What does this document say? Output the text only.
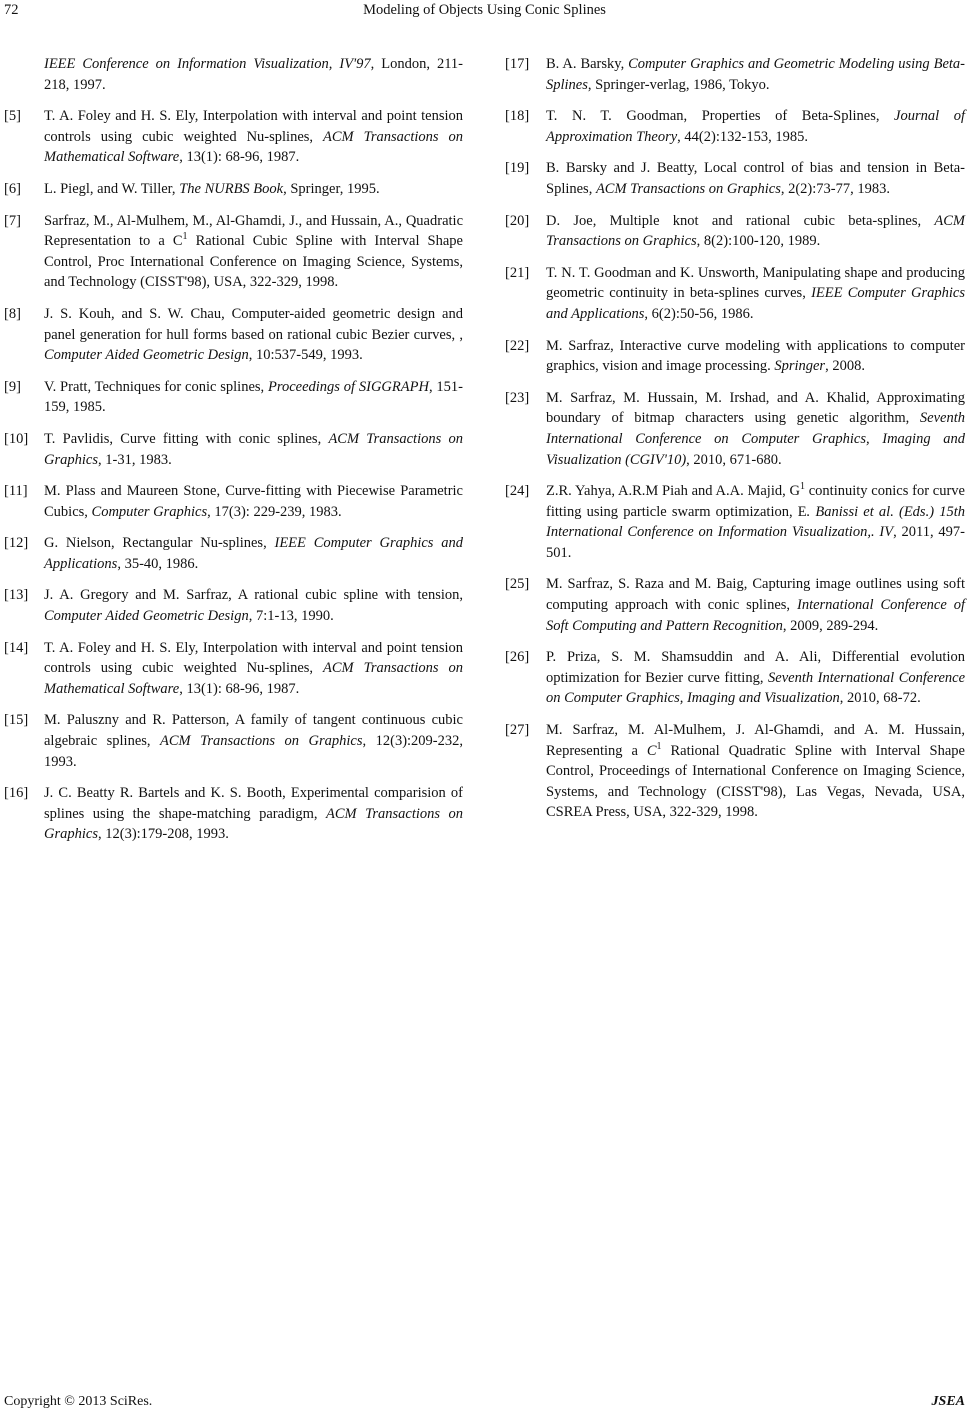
72	Modeling of Objects Using Conic Splines
IEEE Conference on Information Visualization, IV'97, London, 211-218, 1997.
[5] T. A. Foley and H. S. Ely, Interpolation with interval and point tension controls using cubic weighted Nu-splines, ACM Transactions on Mathematical Software, 13(1): 68-96, 1987.
[6] L. Piegl, and W. Tiller, The NURBS Book, Springer, 1995.
[7] Sarfraz, M., Al-Mulhem, M., Al-Ghamdi, J., and Hussain, A., Quadratic Representation to a $C^1$ Rational Cubic Spline with Interval Shape Control, Proc International Conference on Imaging Science, Systems, and Technology (CISST'98), USA, 322-329, 1998.
[8] J. S. Kouh, and S. W. Chau, Computer-aided geometric design and panel generation for hull forms based on rational cubic Bezier curves, , Computer Aided Geometric Design, 10:537-549, 1993.
[9] V. Pratt, Techniques for conic splines, Proceedings of SIGGRAPH, 151-159, 1985.
[10] T. Pavlidis, Curve fitting with conic splines, ACM Transactions on Graphics, 1-31, 1983.
[11] M. Plass and Maureen Stone, Curve-fitting with Piecewise Parametric Cubics, Computer Graphics, 17(3): 229-239, 1983.
[12] G. Nielson, Rectangular Nu-splines, IEEE Computer Graphics and Applications, 35-40, 1986.
[13] J. A. Gregory and M. Sarfraz, A rational cubic spline with tension, Computer Aided Geometric Design, 7:1-13, 1990.
[14] T. A. Foley and H. S. Ely, Interpolation with interval and point tension controls using cubic weighted Nu-splines, ACM Transactions on Mathematical Software, 13(1): 68-96, 1987.
[15] M. Paluszny and R. Patterson, A family of tangent continuous cubic algebraic splines, ACM Transactions on Graphics, 12(3):209-232, 1993.
[16] J. C. Beatty R. Bartels and K. S. Booth, Experimental comparision of splines using the shape-matching paradigm, ACM Transactions on Graphics, 12(3):179-208, 1993.
[17] B. A. Barsky, Computer Graphics and Geometric Modeling using Beta-Splines, Springer-verlag, 1986, Tokyo.
[18] T. N. T. Goodman, Properties of Beta-Splines, Journal of Approximation Theory, 44(2):132-153, 1985.
[19] B. Barsky and J. Beatty, Local control of bias and tension in Beta-Splines, ACM Transactions on Graphics, 2(2):73-77, 1983.
[20] D. Joe, Multiple knot and rational cubic beta-splines, ACM Transactions on Graphics, 8(2):100-120, 1989.
[21] T. N. T. Goodman and K. Unsworth, Manipulating shape and producing geometric continuity in beta-splines curves, IEEE Computer Graphics and Applications, 6(2):50-56, 1986.
[22] M. Sarfraz, Interactive curve modeling with applications to computer graphics, vision and image processing. Springer, 2008.
[23] M. Sarfraz, M. Hussain, M. Irshad, and A. Khalid, Approximating boundary of bitmap characters using genetic algorithm, Seventh International Conference on Computer Graphics, Imaging and Visualization (CGIV'10), 2010, 671-680.
[24] Z.R. Yahya, A.R.M Piah and A.A. Majid, $G^1$ continuity conics for curve fitting using particle swarm optimization, E. Banissi et al. (Eds.) 15th International Conference on Information Visualization,. IV, 2011, 497-501.
[25] M. Sarfraz, S. Raza and M. Baig, Capturing image outlines using soft computing approach with conic splines, International Conference of Soft Computing and Pattern Recognition, 2009, 289-294.
[26] P. Priza, S. M. Shamsuddin and A. Ali, Differential evolution optimization for Bezier curve fitting, Seventh International Conference on Computer Graphics, Imaging and Visualization, 2010, 68-72.
[27] M. Sarfraz, M. Al-Mulhem, J. Al-Ghamdi, and A. M. Hussain, Representing a $C^1$ Rational Quadratic Spline with Interval Shape Control, Proceedings of International Conference on Imaging Science, Systems, and Technology (CISST'98), Las Vegas, Nevada, USA, CSREA Press, USA, 322-329, 1998.
Copyright © 2013 SciRes.	JSEA
